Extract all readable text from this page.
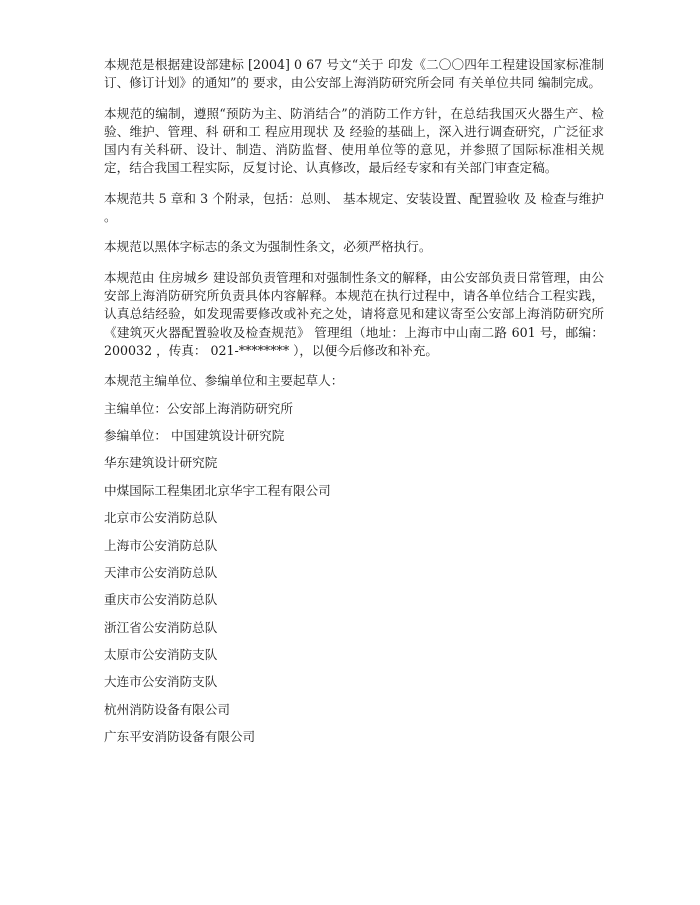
本规范是根据建设部建标 [2004] 0 67 号文“关于 印发《二〇〇四年工程建设国家标准制订、修订计划》的通知”的 要求，由公安部上海消防研究所会同 有关单位共同 编制完成。

本规范的编制，遵照“预防为主、防消结合”的消防工作方针，在总结我国灭火器生产、检验、维护、管理、科 研和工 程应用现状 及 经验的基础上，深入进行调查研究，广泛征求国内有关科研、设计、制造、消防监督、使用单位等的意见，并参照了国际标准相关规定，结合我国工程实际，反复讨论、认真修改，最后经专家和有关部门审查定稿。

本规范共 5 章和 3 个附录，包括：总则、 基本规定、安装设置、配置验收 及 检查与维护 。

本规范以黑体字标志的条文为强制性条文，必须严格执行。

本规范由 住房城乡 建设部负责管理和对强制性条文的解释，由公安部负责日常管理，由公安部上海消防研究所负责具体内容解释。本规范在执行过程中，请各单位结合工程实践，认真总结经验，如发现需要修改或补充之处，请将意见和建议寄至公安部上海消防研究所《建筑灭火器配置验收及检查规范》 管理组（地址：上海市中山南二路 601 号，邮编： 200032 ，传真： 021-******** ），以便今后修改和补充。

本规范主编单位、参编单位和主要起草人：

主编单位：公安部上海消防研究所

参编单位： 中国建筑设计研究院

华东建筑设计研究院

中煤国际工程集团北京华宇工程有限公司

北京市公安消防总队

上海市公安消防总队

天津市公安消防总队

重庆市公安消防总队

浙江省公安消防总队

太原市公安消防支队

大连市公安消防支队

杭州消防设备有限公司

广东平安消防设备有限公司
